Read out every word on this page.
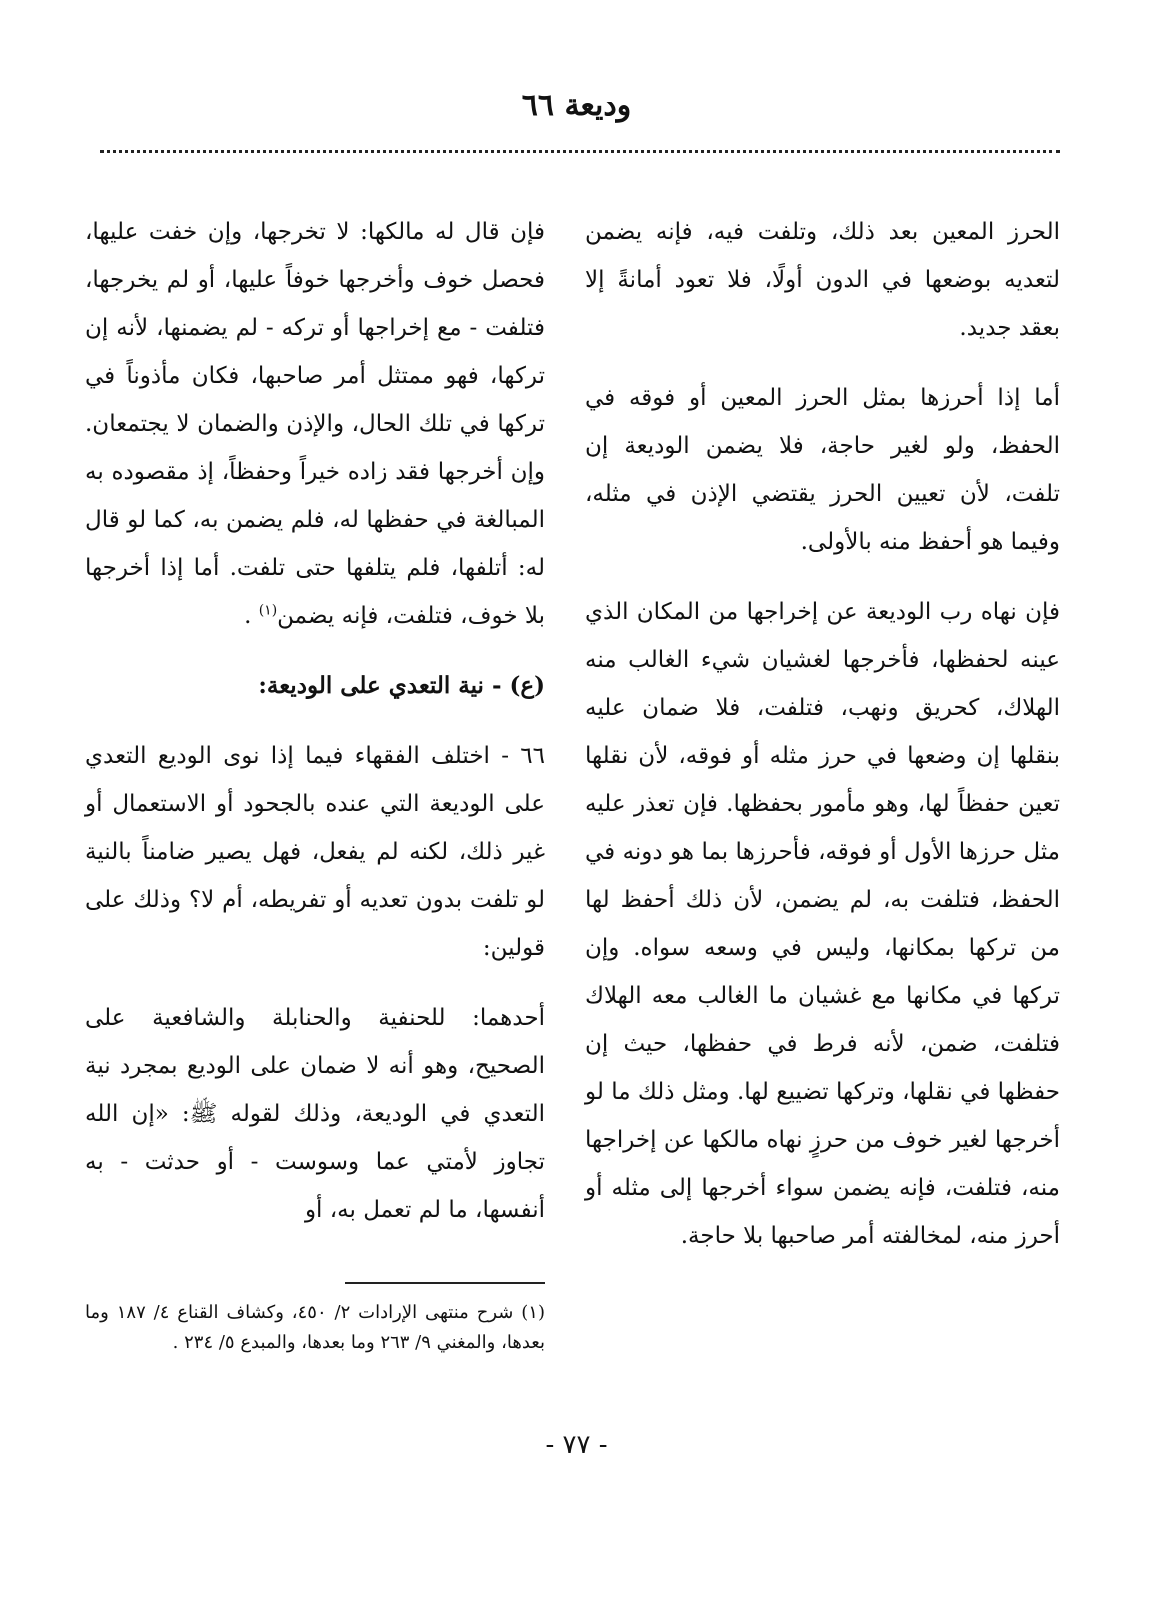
وديعة ٦٦

الحرز المعين بعد ذلك، وتلفت فيه، فإنه يضمن لتعديه بوضعها في الدون أولًا، فلا تعود أمانةً إلا بعقد جديد.

أما إذا أحرزها بمثل الحرز المعين أو فوقه في الحفظ، ولو لغير حاجة، فلا يضمن الوديعة إن تلفت، لأن تعيين الحرز يقتضي الإذن في مثله، وفيما هو أحفظ منه بالأولى.

فإن نهاه رب الوديعة عن إخراجها من المكان الذي عينه لحفظها، فأخرجها لغشيان شيء الغالب منه الهلاك، كحريق ونهب، فتلفت، فلا ضمان عليه بنقلها إن وضعها في حرز مثله أو فوقه، لأن نقلها تعين حفظاً لها، وهو مأمور بحفظها. فإن تعذر عليه مثل حرزها الأول أو فوقه، فأحرزها بما هو دونه في الحفظ، فتلفت به، لم يضمن، لأن ذلك أحفظ لها من تركها بمكانها، وليس في وسعه سواه. وإن تركها في مكانها مع غشيان ما الغالب معه الهلاك فتلفت، ضمن، لأنه فرط في حفظها، حيث إن حفظها في نقلها، وتركها تضييع لها. ومثل ذلك ما لو أخرجها لغير خوف من حرزٍ نهاه مالكها عن إخراجها منه، فتلفت، فإنه يضمن سواء أخرجها إلى مثله أو أحرز منه، لمخالفته أمر صاحبها بلا حاجة.

فإن قال له مالكها: لا تخرجها، وإن خفت عليها، فحصل خوف وأخرجها خوفاً عليها، أو لم يخرجها، فتلفت - مع إخراجها أو تركه - لم يضمنها، لأنه إن تركها، فهو ممتثل أمر صاحبها، فكان مأذوناً في تركها في تلك الحال، والإذن والضمان لا يجتمعان. وإن أخرجها فقد زاده خيراً وحفظاً، إذ مقصوده به المبالغة في حفظها له، فلم يضمن به، كما لو قال له: أتلفها، فلم يتلفها حتى تلفت. أما إذا أخرجها بلا خوف، فتلفت، فإنه يضمن$^{(١)}$ .

(ع) - نية التعدي على الوديعة:

٦٦ - اختلف الفقهاء فيما إذا نوى الوديع التعدي على الوديعة التي عنده بالجحود أو الاستعمال أو غير ذلك، لكنه لم يفعل، فهل يصير ضامناً بالنية لو تلفت بدون تعديه أو تفريطه، أم لا؟ وذلك على قولين:

أحدهما: للحنفية والحنابلة والشافعية على الصحيح، وهو أنه لا ضمان على الوديع بمجرد نية التعدي في الوديعة، وذلك لقوله ﷺ: «إن الله تجاوز لأمتي عما وسوست - أو حدثت - به أنفسها، ما لم تعمل به، أو

(١) شرح منتهى الإرادات ٢/ ٤٥٠، وكشاف القناع ٤/ ١٨٧ وما بعدها، والمغني ٩/ ٢٦٣ وما بعدها، والمبدع ٥/ ٢٣٤ .

- ٧٧ -
